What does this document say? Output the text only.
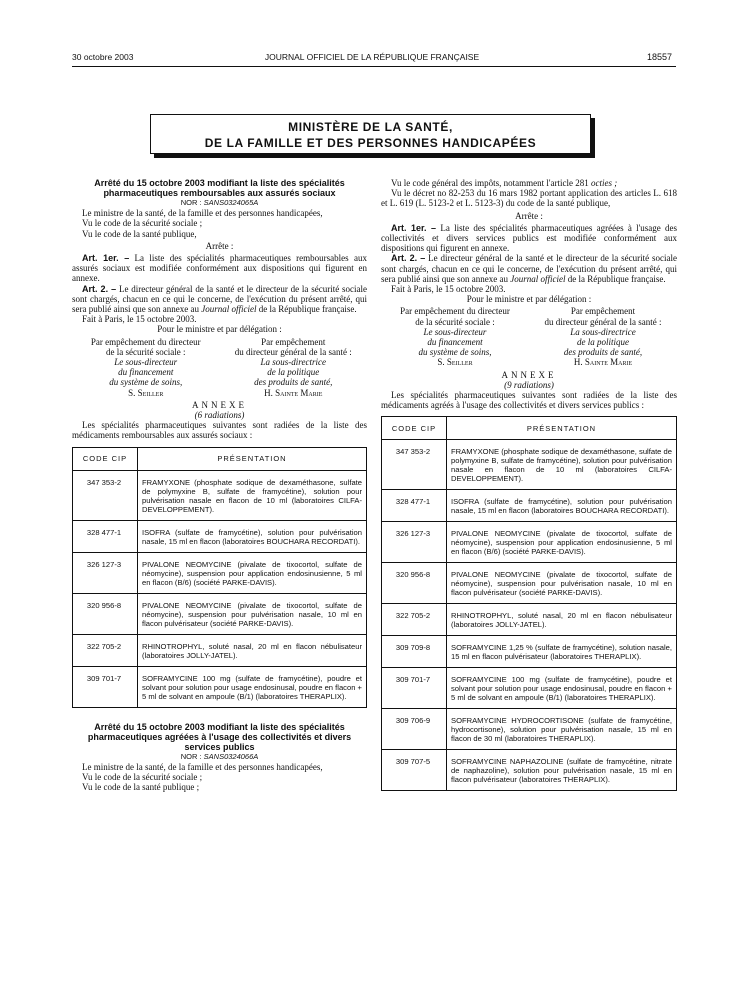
30 octobre 2003	JOURNAL OFFICIEL DE LA RÉPUBLIQUE FRANÇAISE	18557
MINISTÈRE DE LA SANTÉ,
DE LA FAMILLE ET DES PERSONNES HANDICAPÉES

Arrêté du 15 octobre 2003 modifiant la liste des spécialités pharmaceutiques remboursables aux assurés sociaux

NOR : SANS0324065A

Le ministre de la santé, de la famille et des personnes handicapées,

Vu le code de la sécurité sociale ;

Vu le code de la santé publique,

Arrête :

Art. 1er. – La liste des spécialités pharmaceutiques remboursables aux assurés sociaux est modifiée conformément aux dispositions qui figurent en annexe.

Art. 2. – Le directeur général de la santé et le directeur de la sécurité sociale sont chargés, chacun en ce qui le concerne, de l'exécution du présent arrêté, qui sera publié ainsi que son annexe au Journal officiel de la République française.

Fait à Paris, le 15 octobre 2003.

Pour le ministre et par délégation :

Par empêchement du directeur
de la sécurité sociale :
Le sous-directeur
du financement
du système de soins,
S. Seiller
Par empêchement
du directeur général de la santé :
La sous-directrice
de la politique
des produits de santé,
H. Sainte Marie

ANNEXE

(6 radiations)

Les spécialités pharmaceutiques suivantes sont radiées de la liste des médicaments remboursables aux assurés sociaux :

CODE CIP	PRÉSENTATION
347 353-2	FRAMYXONE (phosphate sodique de dexaméthasone, sulfate de polymyxine B, sulfate de framycétine), solution pour pulvérisation nasale en flacon de 10 ml (laboratoires CILFA-DEVELOPPEMENT).
328 477-1	ISOFRA (sulfate de framycétine), solution pour pulvérisation nasale, 15 ml en flacon (laboratoires BOUCHARA RECORDATI).
326 127-3	PIVALONE NEOMYCINE (pivalate de tixocortol, sulfate de néomycine), suspension pour application endosinusienne, 5 ml en flacon (B/6) (société PARKE-DAVIS).
320 956-8	PIVALONE NEOMYCINE (pivalate de tixocortol, sulfate de néomycine), suspension pour pulvérisation nasale, 10 ml en flacon pulvérisateur (société PARKE-DAVIS).
322 705-2	RHINOTROPHYL, soluté nasal, 20 ml en flacon nébulisateur (laboratoires JOLLY-JATEL).
309 701-7	SOFRAMYCINE 100 mg (sulfate de framycétine), poudre et solvant pour solution pour usage endosinusal, poudre en flacon + 5 ml de solvant en ampoule (B/1) (laboratoires THERAPLIX).

Arrêté du 15 octobre 2003 modifiant la liste des spécialités pharmaceutiques agréées à l'usage des collectivités et divers services publics

NOR : SANS0324066A

Le ministre de la santé, de la famille et des personnes handicapées,

Vu le code de la sécurité sociale ;

Vu le code de la santé publique ;

Vu le code général des impôts, notamment l'article 281 octies ;

Vu le décret no 82-253 du 16 mars 1982 portant application des articles L. 618 et L. 619 (L. 5123-2 et L. 5123-3) du code de la santé publique,

Arrête :

Art. 1er. – La liste des spécialités pharmaceutiques agréées à l'usage des collectivités et divers services publics est modifiée conformément aux dispositions qui figurent en annexe.

Art. 2. – Le directeur général de la santé et le directeur de la sécurité sociale sont chargés, chacun en ce qui le concerne, de l'exécution du présent arrêté, qui sera publié ainsi que son annexe au Journal officiel de la République française.

Fait à Paris, le 15 octobre 2003.

Pour le ministre et par délégation :

Par empêchement du directeur
de la sécurité sociale :
Le sous-directeur
du financement
du système de soins,
S. Seiller
Par empêchement
du directeur général de la santé :
La sous-directrice
de la politique
des produits de santé,
H. Sainte Marie

ANNEXE

(9 radiations)

Les spécialités pharmaceutiques suivantes sont radiées de la liste des médicaments agréés à l'usage des collectivités et divers services publics :

CODE CIP	PRÉSENTATION
347 353-2	FRAMYXONE (phosphate sodique de dexaméthasone, sulfate de polymyxine B, sulfate de framycétine), solution pour pulvérisation nasale en flacon de 10 ml (laboratoires CILFA-DEVELOPPEMENT).
328 477-1	ISOFRA (sulfate de framycétine), solution pour pulvérisation nasale, 15 ml en flacon (laboratoires BOUCHARA RECORDATI).
326 127-3	PIVALONE NEOMYCINE (pivalate de tixocortol, sulfate de néomycine), suspension pour application endosinusienne, 5 ml en flacon (B/6) (société PARKE-DAVIS).
320 956-8	PIVALONE NEOMYCINE (pivalate de tixocortol, sulfate de néomycine), suspension pour pulvérisation nasale, 10 ml en flacon pulvérisateur (société PARKE-DAVIS).
322 705-2	RHINOTROPHYL, soluté nasal, 20 ml en flacon nébulisateur (laboratoires JOLLY-JATEL).
309 709-8	SOFRAMYCINE 1,25 % (sulfate de framycétine), solution nasale, 15 ml en flacon pulvérisateur (laboratoires THERAPLIX).
309 701-7	SOFRAMYCINE 100 mg (sulfate de framycétine), poudre et solvant pour solution pour usage endosinusal, poudre en flacon + 5 ml de solvant en ampoule (B/1) (laboratoires THERAPLIX).
309 706-9	SOFRAMYCINE HYDROCORTISONE (sulfate de framycétine, hydrocortisone), solution pour pulvérisation nasale, 15 ml en flacon de 30 ml (laboratoires THERAPLIX).
309 707-5	SOFRAMYCINE NAPHAZOLINE (sulfate de framycétine, nitrate de naphazoline), solution pour pulvérisation nasale, 15 ml en flacon pulvérisateur (laboratoires THERAPLIX).
